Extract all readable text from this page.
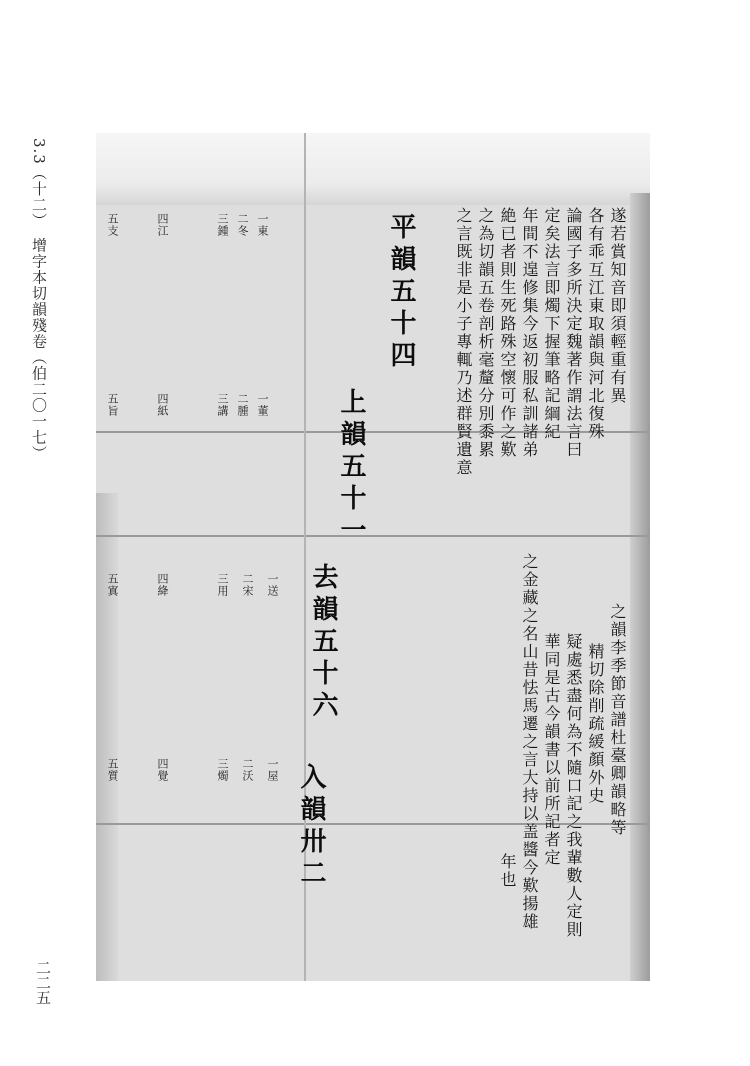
3.3（十二）　增字本切韻殘卷（伯二〇一七）
二二五
遂若賞知音即須輕重有異
各有乖互江東取韻與河北復殊
論國子多所決定魏著作謂法言曰
定矣法言即燭下握筆略記綱紀
年間不遑修集今返初服私訓諸弟
絶已者則生死路殊空懷可作之歎
之為切韻五卷剖析毫釐分別黍累
之言既非是小子專輒乃述群賢遺意
之韻李季節音譜杜臺卿韻略等
精切除削疏緩顏外史
疑處悉盡何為不隨口記之我輩數人定則
華同是古今韻書以前所記者定
之金藏之名山昔怯馬遷之言大持以盖醬今歎揚雄
年也
平韻五十四
上韻五十一
去韻五十六
入韻卅二
一東
二冬
三鍾
四江
五支
一董
二腫
三講
四紙
五旨
一送
二宋
三用
四絳
五寘
一屋
二沃
三燭
四覺
五質
